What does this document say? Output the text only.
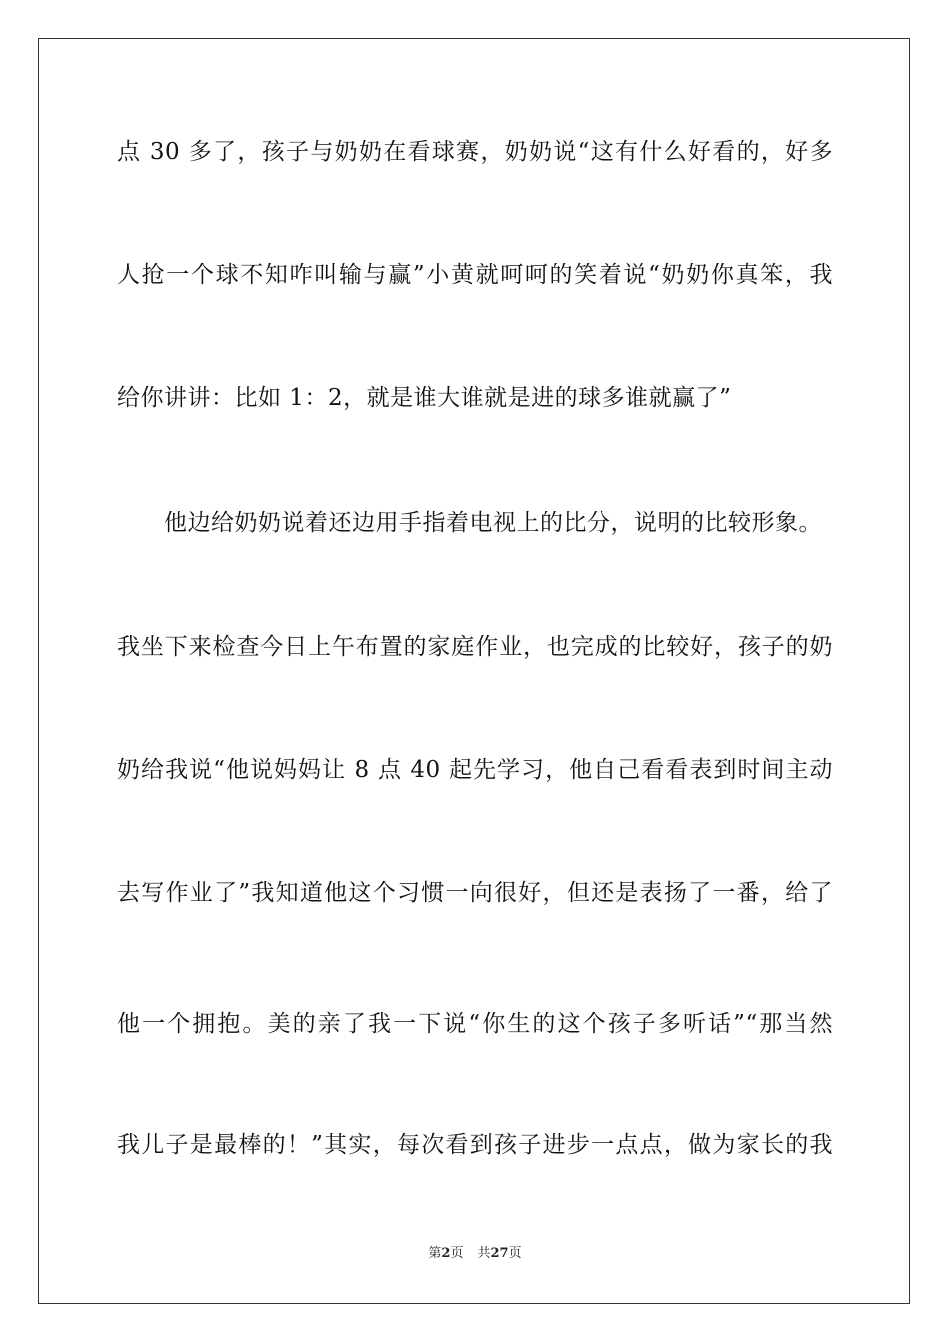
点 30 多了，孩子与奶奶在看球赛，奶奶说“这有什么好看的，好多
人抢一个球不知咋叫输与赢”小黄就呵呵的笑着说“奶奶你真笨，我
给你讲讲：比如 1：2，就是谁大谁就是进的球多谁就赢了”
他边给奶奶说着还边用手指着电视上的比分，说明的比较形象。
我坐下来检查今日上午布置的家庭作业，也完成的比较好，孩子的奶
奶给我说“他说妈妈让 8 点 40 起先学习，他自己看看表到时间主动
去写作业了”我知道他这个习惯一向很好，但还是表扬了一番，给了
他一个拥抱。美的亲了我一下说“你生的这个孩子多听话”“那当然
我儿子是最棒的！”其实，每次看到孩子进步一点点，做为家长的我
第2页 共27页
